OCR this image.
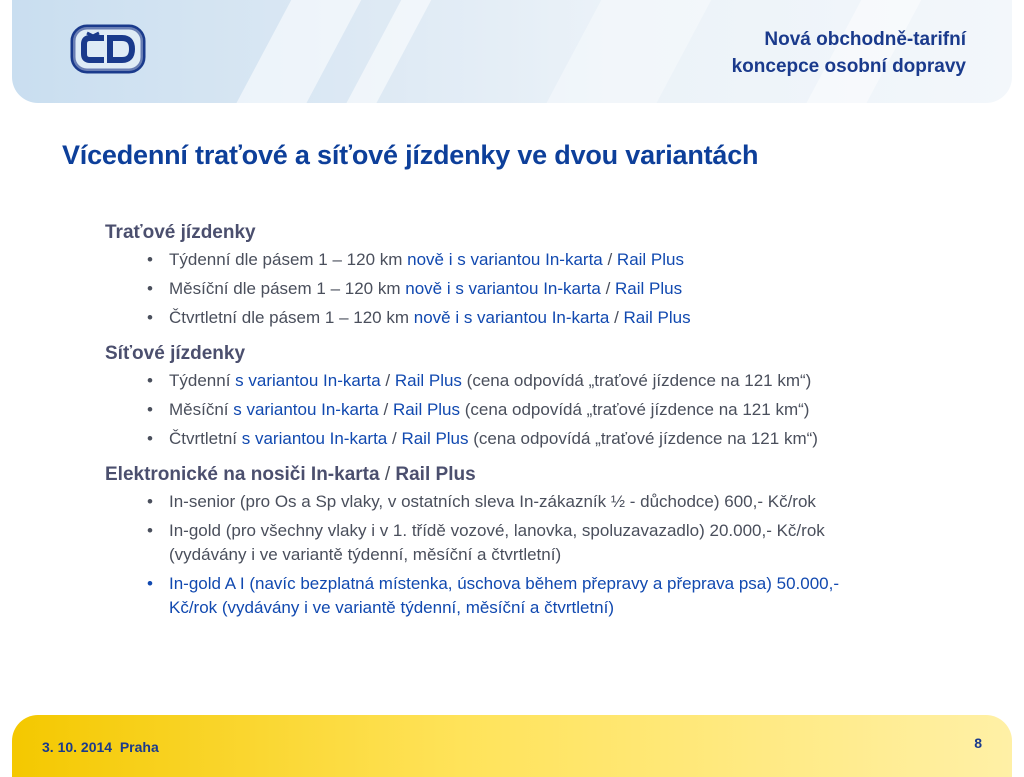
Nová obchodně-tarifní
koncepce osobní dopravy
Vícedenní traťové a síťové jízdenky ve dvou variantách
Traťové jízdenky
• Týdenní dle pásem 1 – 120 km nově i s variantou In-karta / Rail Plus
• Měsíční dle pásem 1 – 120 km nově i s variantou In-karta / Rail Plus
• Čtvrtletní dle pásem 1 – 120 km nově i s variantou In-karta / Rail Plus
Síťové jízdenky
• Týdenní s variantou In-karta / Rail Plus (cena odpovídá „traťové jízdence na 121 km“)
• Měsíční s variantou In-karta / Rail Plus (cena odpovídá „traťové jízdence na 121 km“)
• Čtvrtletní s variantou In-karta / Rail Plus (cena odpovídá „traťové jízdence na 121 km“)
Elektronické na nosiči In-karta / Rail Plus
• In-senior (pro Os a Sp vlaky, v ostatních sleva In-zákazník ½ - důchodce) 600,- Kč/rok
• In-gold (pro všechny vlaky i v 1. třídě vozové, lanovka, spoluzavazadlo) 20.000,- Kč/rok
(vydávány i ve variantě týdenní, měsíční a čtvrtletní)
• In-gold A I (navíc bezplatná místenka, úschova během přepravy a přeprava psa) 50.000,-
Kč/rok (vydávány i ve variantě týdenní, měsíční a čtvrtletní)
3. 10. 2014  Praha	8
